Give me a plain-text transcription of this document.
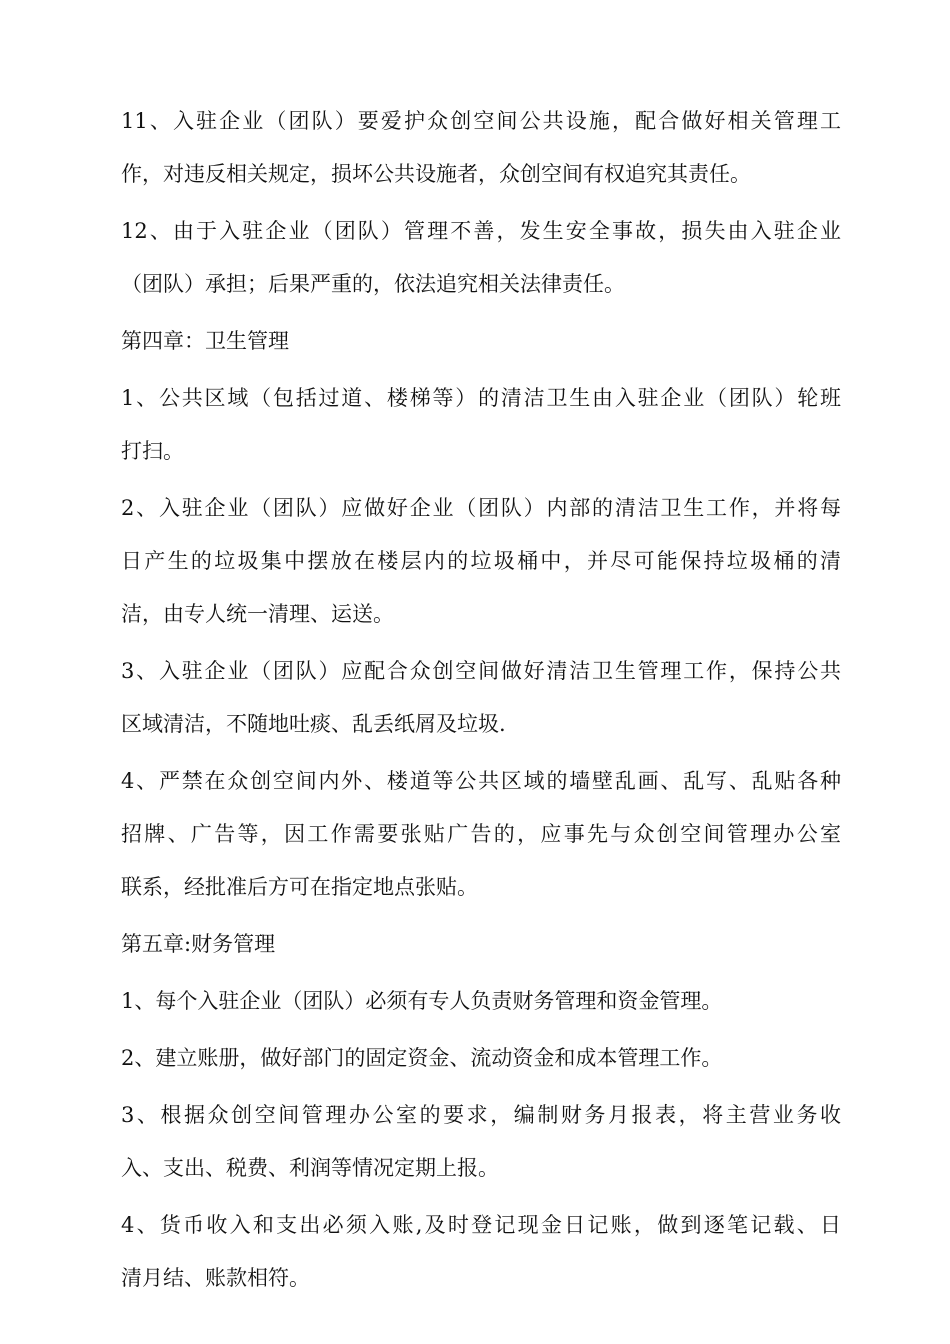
11、入驻企业（团队）要爱护众创空间公共设施，配合做好相关管理工
作，对违反相关规定，损坏公共设施者，众创空间有权追究其责任。
12、由于入驻企业（团队）管理不善，发生安全事故，损失由入驻企业
（团队）承担；后果严重的，依法追究相关法律责任。
第四章：卫生管理
1、公共区域（包括过道、楼梯等）的清洁卫生由入驻企业（团队）轮班
打扫。
2、入驻企业（团队）应做好企业（团队）内部的清洁卫生工作，并将每
日产生的垃圾集中摆放在楼层内的垃圾桶中，并尽可能保持垃圾桶的清
洁，由专人统一清理、运送。
3、入驻企业（团队）应配合众创空间做好清洁卫生管理工作，保持公共
区域清洁，不随地吐痰、乱丢纸屑及垃圾.
4、严禁在众创空间内外、楼道等公共区域的墙壁乱画、乱写、乱贴各种
招牌、广告等，因工作需要张贴广告的，应事先与众创空间管理办公室
联系，经批准后方可在指定地点张贴。
第五章:财务管理
1、每个入驻企业（团队）必须有专人负责财务管理和资金管理。
2、建立账册，做好部门的固定资金、流动资金和成本管理工作。
3、根据众创空间管理办公室的要求，编制财务月报表，将主营业务收
入、支出、税费、利润等情况定期上报。
4、货币收入和支出必须入账,及时登记现金日记账，做到逐笔记载、日
清月结、账款相符。
